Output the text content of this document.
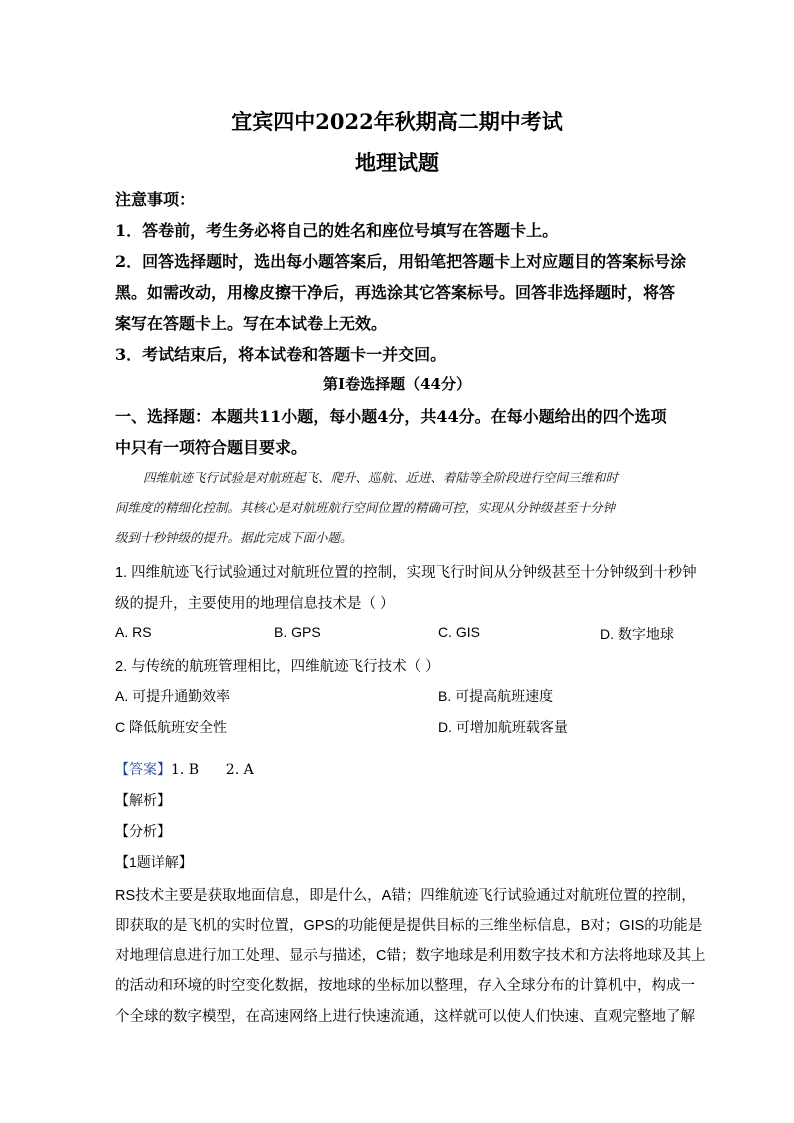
宜宾四中2022年秋期高二期中考试
地理试题
注意事项：
1．答卷前，考生务必将自己的姓名和座位号填写在答题卡上。
2．回答选择题时，选出每小题答案后，用铅笔把答题卡上对应题目的答案标号涂
黑。如需改动，用橡皮擦干净后，再选涂其它答案标号。回答非选择题时，将答
案写在答题卡上。写在本试卷上无效。
3．考试结束后，将本试卷和答题卡一并交回。
第Ⅰ卷选择题（44分）
一、选择题：本题共11小题，每小题4分，共44分。在每小题给出的四个选项
中只有一项符合题目要求。
四维航迹飞行试验是对航班起飞、爬升、巡航、近进、着陆等全阶段进行空间三维和时
间维度的精细化控制。其核心是对航班航行空间位置的精确可控，实现从分钟级甚至十分钟
级到十秒钟级的提升。据此完成下面小题。
1. 四维航迹飞行试验通过对航班位置的控制，实现飞行时间从分钟级甚至十分钟级到十秒钟
级的提升，主要使用的地理信息技术是（ ）
A. RS	B. GPS	C. GIS	D. 数字地球
2. 与传统的航班管理相比，四维航迹飞行技术（ ）
A. 可提升通勤效率	B. 可提高航班速度
C 降低航班安全性	D. 可增加航班载客量
【答案】1. B      2. A
【解析】
【分析】
【1题详解】
RS技术主要是获取地面信息，即是什么，A错；四维航迹飞行试验通过对航班位置的控制，
即获取的是飞机的实时位置，GPS的功能便是提供目标的三维坐标信息，B对；GIS的功能是
对地理信息进行加工处理、显示与描述，C错；数字地球是利用数字技术和方法将地球及其上
的活动和环境的时空变化数据，按地球的坐标加以整理，存入全球分布的计算机中，构成一
个全球的数字模型，在高速网络上进行快速流通，这样就可以使人们快速、直观完整地了解
